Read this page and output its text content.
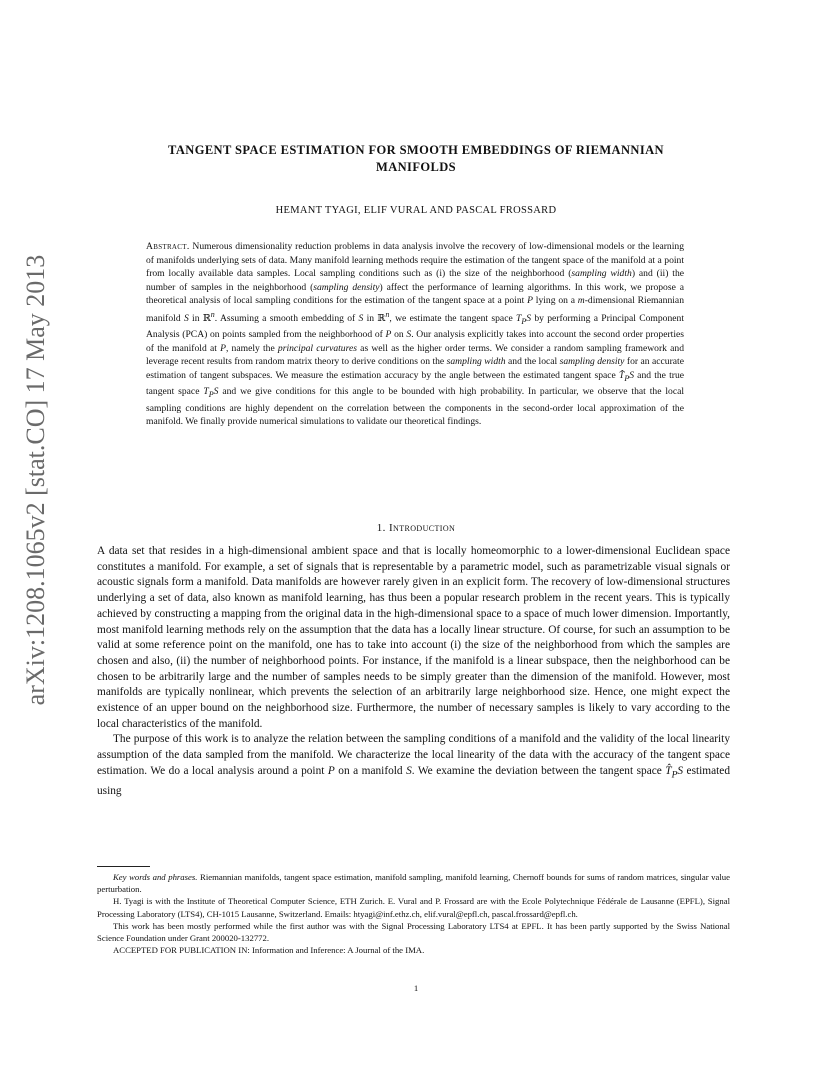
arXiv:1208.1065v2 [stat.CO] 17 May 2013
TANGENT SPACE ESTIMATION FOR SMOOTH EMBEDDINGS OF RIEMANNIAN
MANIFOLDS
HEMANT TYAGI, ELIF VURAL AND PASCAL FROSSARD
Abstract. Numerous dimensionality reduction problems in data analysis involve the recovery of low-dimensional models or the learning of manifolds underlying sets of data. Many manifold learning methods require the estimation of the tangent space of the manifold at a point from locally available data samples. Local sampling conditions such as (i) the size of the neighborhood (sampling width) and (ii) the number of samples in the neighborhood (sampling density) affect the performance of learning algorithms. In this work, we propose a theoretical analysis of local sampling conditions for the estimation of the tangent space at a point P lying on a m-dimensional Riemannian manifold S in ℝ$^n$. Assuming a smooth embedding of S in ℝ$^n$, we estimate the tangent space $T_PS$ by performing a Principal Component Analysis (PCA) on points sampled from the neighborhood of P on S. Our analysis explicitly takes into account the second order properties of the manifold at P, namely the principal curvatures as well as the higher order terms. We consider a random sampling framework and leverage recent results from random matrix theory to derive conditions on the sampling width and the local sampling density for an accurate estimation of tangent subspaces. We measure the estimation accuracy by the angle between the estimated tangent space $T̂_PS$ and the true tangent space $T_PS$ and we give conditions for this angle to be bounded with high probability. In particular, we observe that the local sampling conditions are highly dependent on the correlation between the components in the second-order local approximation of the manifold. We finally provide numerical simulations to validate our theoretical findings.
1. Introduction

A data set that resides in a high-dimensional ambient space and that is locally homeomorphic to a lower-dimensional Euclidean space constitutes a manifold. For example, a set of signals that is representable by a parametric model, such as parametrizable visual signals or acoustic signals form a manifold. Data manifolds are however rarely given in an explicit form. The recovery of low-dimensional structures underlying a set of data, also known as manifold learning, has thus been a popular research problem in the recent years. This is typically achieved by constructing a mapping from the original data in the high-dimensional space to a space of much lower dimension. Importantly, most manifold learning methods rely on the assumption that the data has a locally linear structure. Of course, for such an assumption to be valid at some reference point on the manifold, one has to take into account (i) the size of the neighborhood from which the samples are chosen and also, (ii) the number of neighborhood points. For instance, if the manifold is a linear subspace, then the neighborhood can be chosen to be arbitrarily large and the number of samples needs to be simply greater than the dimension of the manifold. However, most manifolds are typically nonlinear, which prevents the selection of an arbitrarily large neighborhood size. Hence, one might expect the existence of an upper bound on the neighborhood size. Furthermore, the number of necessary samples is likely to vary according to the local characteristics of the manifold.

The purpose of this work is to analyze the relation between the sampling conditions of a manifold and the validity of the local linearity assumption of the data sampled from the manifold. We characterize the local linearity of the data with the accuracy of the tangent space estimation. We do a local analysis around a point P on a manifold S. We examine the deviation between the tangent space $T̂_PS$ estimated using

Key words and phrases. Riemannian manifolds, tangent space estimation, manifold sampling, manifold learning, Chernoff bounds for sums of random matrices, singular value perturbation.

H. Tyagi is with the Institute of Theoretical Computer Science, ETH Zurich. E. Vural and P. Frossard are with the Ecole Polytechnique Fédérale de Lausanne (EPFL), Signal Processing Laboratory (LTS4), CH-1015 Lausanne, Switzerland. Emails: htyagi@inf.ethz.ch, elif.vural@epfl.ch, pascal.frossard@epfl.ch.

This work has been mostly performed while the first author was with the Signal Processing Laboratory LTS4 at EPFL. It has been partly supported by the Swiss National Science Foundation under Grant 200020-132772.

ACCEPTED FOR PUBLICATION IN: Information and Inference: A Journal of the IMA.

1
